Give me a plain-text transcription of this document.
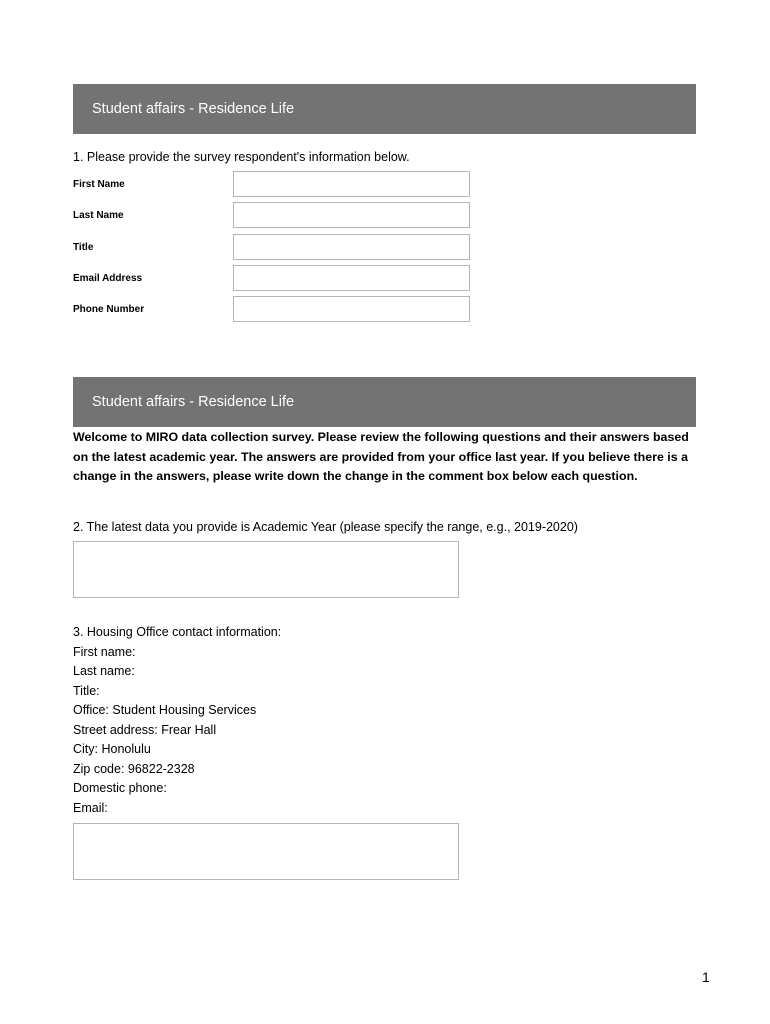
Student affairs - Residence Life
1. Please provide the survey respondent's information below.
First Name
Last Name
Title
Email Address
Phone Number
Student affairs - Residence Life
Welcome to MIRO data collection survey. Please review the following questions and their answers based on the latest academic year. The answers are provided from your office last year. If you believe there is a change in the answers, please write down the change in the comment box below each question.
2. The latest data you provide is Academic Year (please specify the range, e.g., 2019-2020)
3. Housing Office contact information:
First name:
Last name:
Title:
Office: Student Housing Services
Street address: Frear Hall
City: Honolulu
Zip code: 96822-2328
Domestic phone:
Email:
1
